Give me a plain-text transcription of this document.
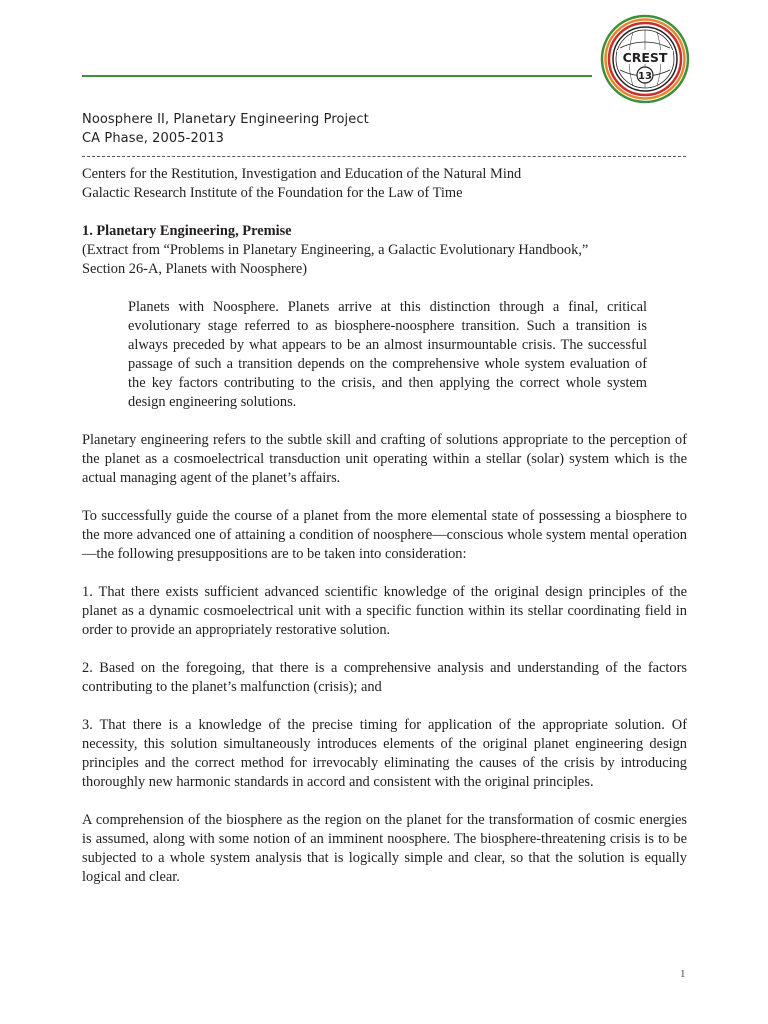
CREST
13
Noosphere II, Planetary Engineering Project
CA Phase, 2005-2013

Centers for the Restitution, Investigation and Education of the Natural Mind

Galactic Research Institute of the Foundation for the Law of Time

1. Planetary Engineering, Premise

(Extract from “Problems in Planetary Engineering, a Galactic Evolutionary Handbook,”

Section 26-A, Planets with Noosphere)

Planets with Noosphere. Planets arrive at this distinction through a final, critical evolutionary stage referred to as biosphere-noosphere transition. Such a transition is always preceded by what appears to be an almost insurmountable crisis. The successful passage of such a transition depends on the comprehensive whole system evaluation of the key factors contributing to the crisis, and then applying the correct whole system design engineering solutions.

Planetary engineering refers to the subtle skill and crafting of solutions appropriate to the perception of the planet as a cosmoelectrical transduction unit operating within a stellar (solar) system which is the actual managing agent of the planet’s affairs.

To successfully guide the course of a planet from the more elemental state of possessing a biosphere to the more advanced one of attaining a condition of noosphere—conscious whole system mental operation—the following presuppositions are to be taken into consideration:

1. That there exists sufficient advanced scientific knowledge of the original design principles of the planet as a dynamic cosmoelectrical unit with a specific function within its stellar coordinating field in order to provide an appropriately restorative solution.

2. Based on the foregoing, that there is a comprehensive analysis and understanding of the factors contributing to the planet’s malfunction (crisis); and

3. That there is a knowledge of the precise timing for application of the appropriate solution. Of necessity, this solution simultaneously introduces elements of the original planet engineering design principles and the correct method for irrevocably eliminating the causes of the crisis by introducing thoroughly new harmonic standards in accord and consistent with the original principles.

A comprehension of the biosphere as the region on the planet for the transformation of cosmic energies is assumed, along with some notion of an imminent noosphere. The biosphere-threatening crisis is to be subjected to a whole system analysis that is logically simple and clear, so that the solution is equally logical and clear.

1
